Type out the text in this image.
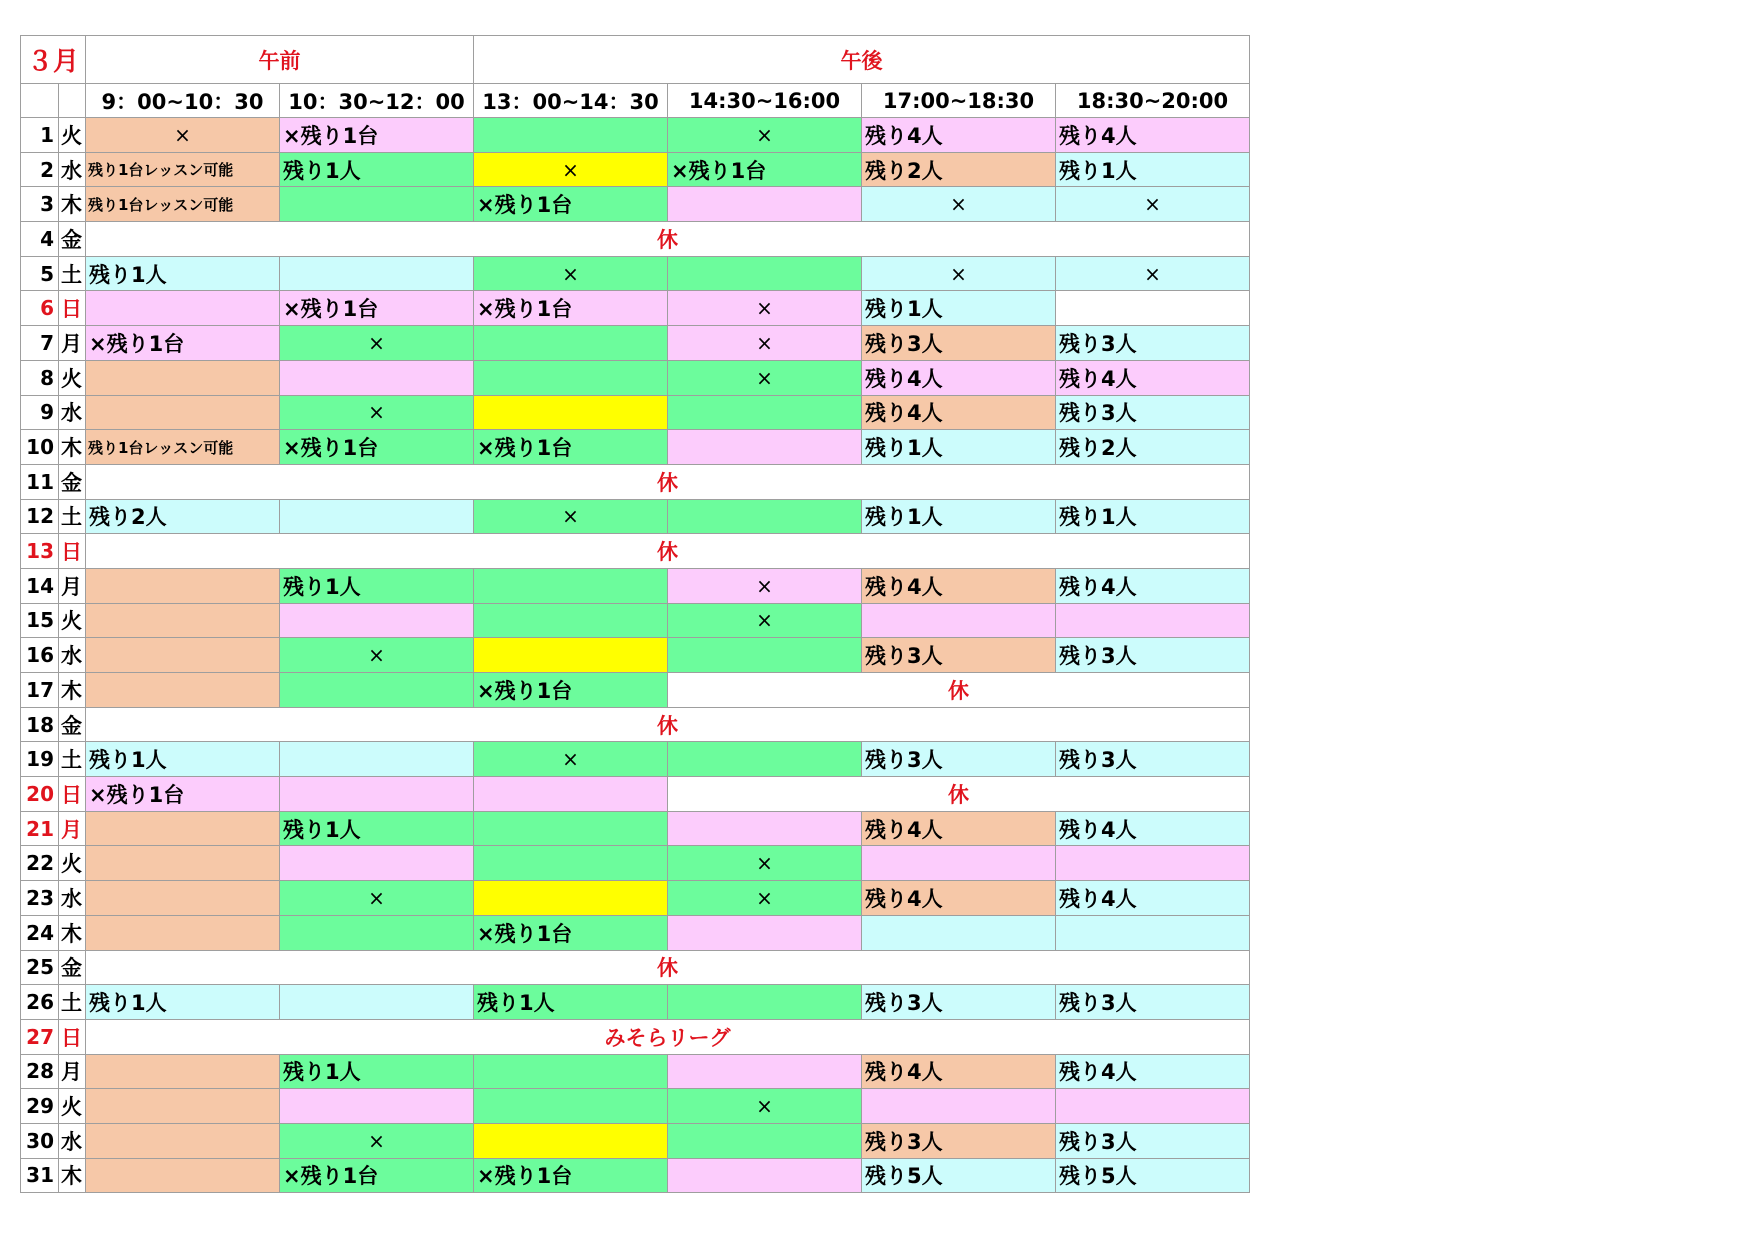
３月		午前		午後			
		9：00~10：30	10：30~12：00	13：00~14：30	14:30~16:00	17:00~18:30	18:30~20:00
1	火	×	×残り1台		×	残り4人	残り4人
2	水	残り1台レッスン可能	残り1人	×	×残り1台	残り2人	残り1人
3	木	残り1台レッスン可能		×残り1台		×	×
4	金	休					
5	土	残り1人		×		×	×
6	日		×残り1台	×残り1台	×	残り1人	
7	月	×残り1台	×		×	残り3人	残り3人
8	火				×	残り4人	残り4人
9	水		×			残り4人	残り3人
10	木	残り1台レッスン可能	×残り1台	×残り1台		残り1人	残り2人
11	金	休					
12	土	残り2人		×		残り1人	残り1人
13	日	休					
14	月		残り1人		×	残り4人	残り4人
15	火				×		
16	水		×			残り3人	残り3人
17	木			×残り1台	休		
18	金	休					
19	土	残り1人		×		残り3人	残り3人
20	日	×残り1台			休		
21	月		残り1人			残り4人	残り4人
22	火				×		
23	水		×		×	残り4人	残り4人
24	木			×残り1台			
25	金	休					
26	土	残り1人		残り1人		残り3人	残り3人
27	日	みそらリーグ					
28	月		残り1人			残り4人	残り4人
29	火				×		
30	水		×			残り3人	残り3人
31	木		×残り1台	×残り1台		残り5人	残り5人
